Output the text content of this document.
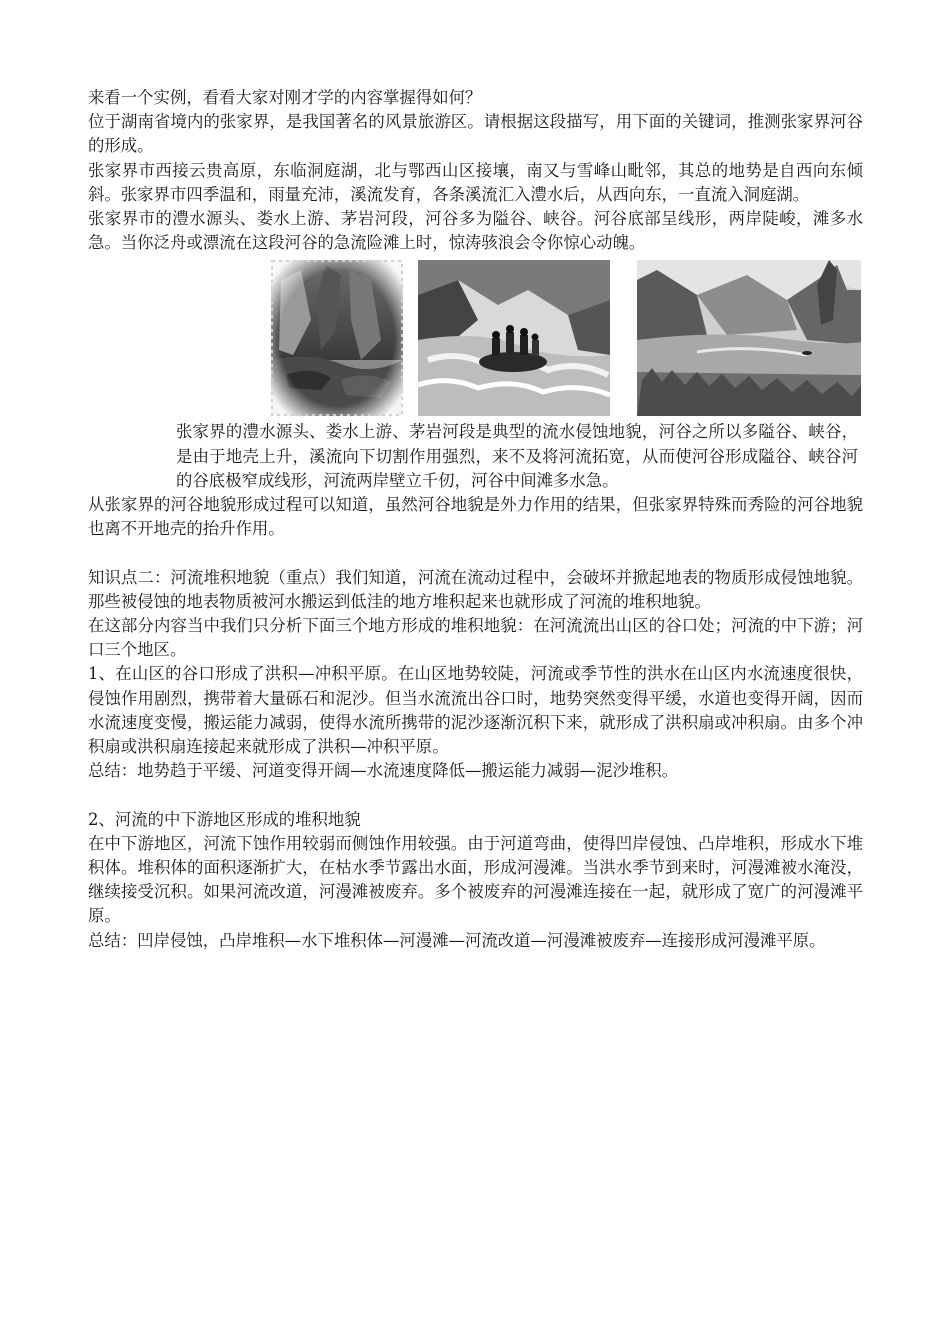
来看一个实例，看看大家对刚才学的内容掌握得如何？

位于湖南省境内的张家界，是我国著名的风景旅游区。请根据这段描写，用下面的关键词，推测张家界河谷的形成。

张家界市西接云贵高原，东临洞庭湖，北与鄂西山区接壤，南又与雪峰山毗邻，其总的地势是自西向东倾斜。张家界市四季温和，雨量充沛，溪流发育，各条溪流汇入澧水后，从西向东，一直流入洞庭湖。

张家界市的澧水源头、娄水上游、茅岩河段，河谷多为隘谷、峡谷。河谷底部呈线形，两岸陡峻，滩多水急。当你泛舟或漂流在这段河谷的急流险滩上时，惊涛骇浪会令你惊心动魄。

张家界的澧水源头、娄水上游、茅岩河段是典型的流水侵蚀地貌，河谷之所以多隘谷、峡谷，是由于地壳上升，溪流向下切割作用强烈，来不及将河流拓宽，从而使河谷形成隘谷、峡谷河的谷底极窄成线形，河流两岸壁立千仞，河谷中间滩多水急。

从张家界的河谷地貌形成过程可以知道，虽然河谷地貌是外力作用的结果，但张家界特殊而秀险的河谷地貌也离不开地壳的抬升作用。

知识点二：河流堆积地貌（重点）我们知道，河流在流动过程中，会破坏并掀起地表的物质形成侵蚀地貌。那些被侵蚀的地表物质被河水搬运到低洼的地方堆积起来也就形成了河流的堆积地貌。

在这部分内容当中我们只分析下面三个地方形成的堆积地貌：在河流流出山区的谷口处；河流的中下游；河口三个地区。

1、在山区的谷口形成了洪积—冲积平原。在山区地势较陡，河流或季节性的洪水在山区内水流速度很快，侵蚀作用剧烈，携带着大量砾石和泥沙。但当水流流出谷口时，地势突然变得平缓，水道也变得开阔，因而水流速度变慢，搬运能力减弱，使得水流所携带的泥沙逐渐沉积下来，就形成了洪积扇或冲积扇。由多个冲积扇或洪积扇连接起来就形成了洪积—冲积平原。

总结：地势趋于平缓、河道变得开阔—水流速度降低—搬运能力减弱—泥沙堆积。

2、河流的中下游地区形成的堆积地貌

在中下游地区，河流下蚀作用较弱而侧蚀作用较强。由于河道弯曲，使得凹岸侵蚀、凸岸堆积，形成水下堆积体。堆积体的面积逐渐扩大，在枯水季节露出水面，形成河漫滩。当洪水季节到来时，河漫滩被水淹没，继续接受沉积。如果河流改道，河漫滩被废弃。多个被废弃的河漫滩连接在一起，就形成了宽广的河漫滩平原。

总结：凹岸侵蚀，凸岸堆积—水下堆积体—河漫滩—河流改道—河漫滩被废弃—连接形成河漫滩平原。
